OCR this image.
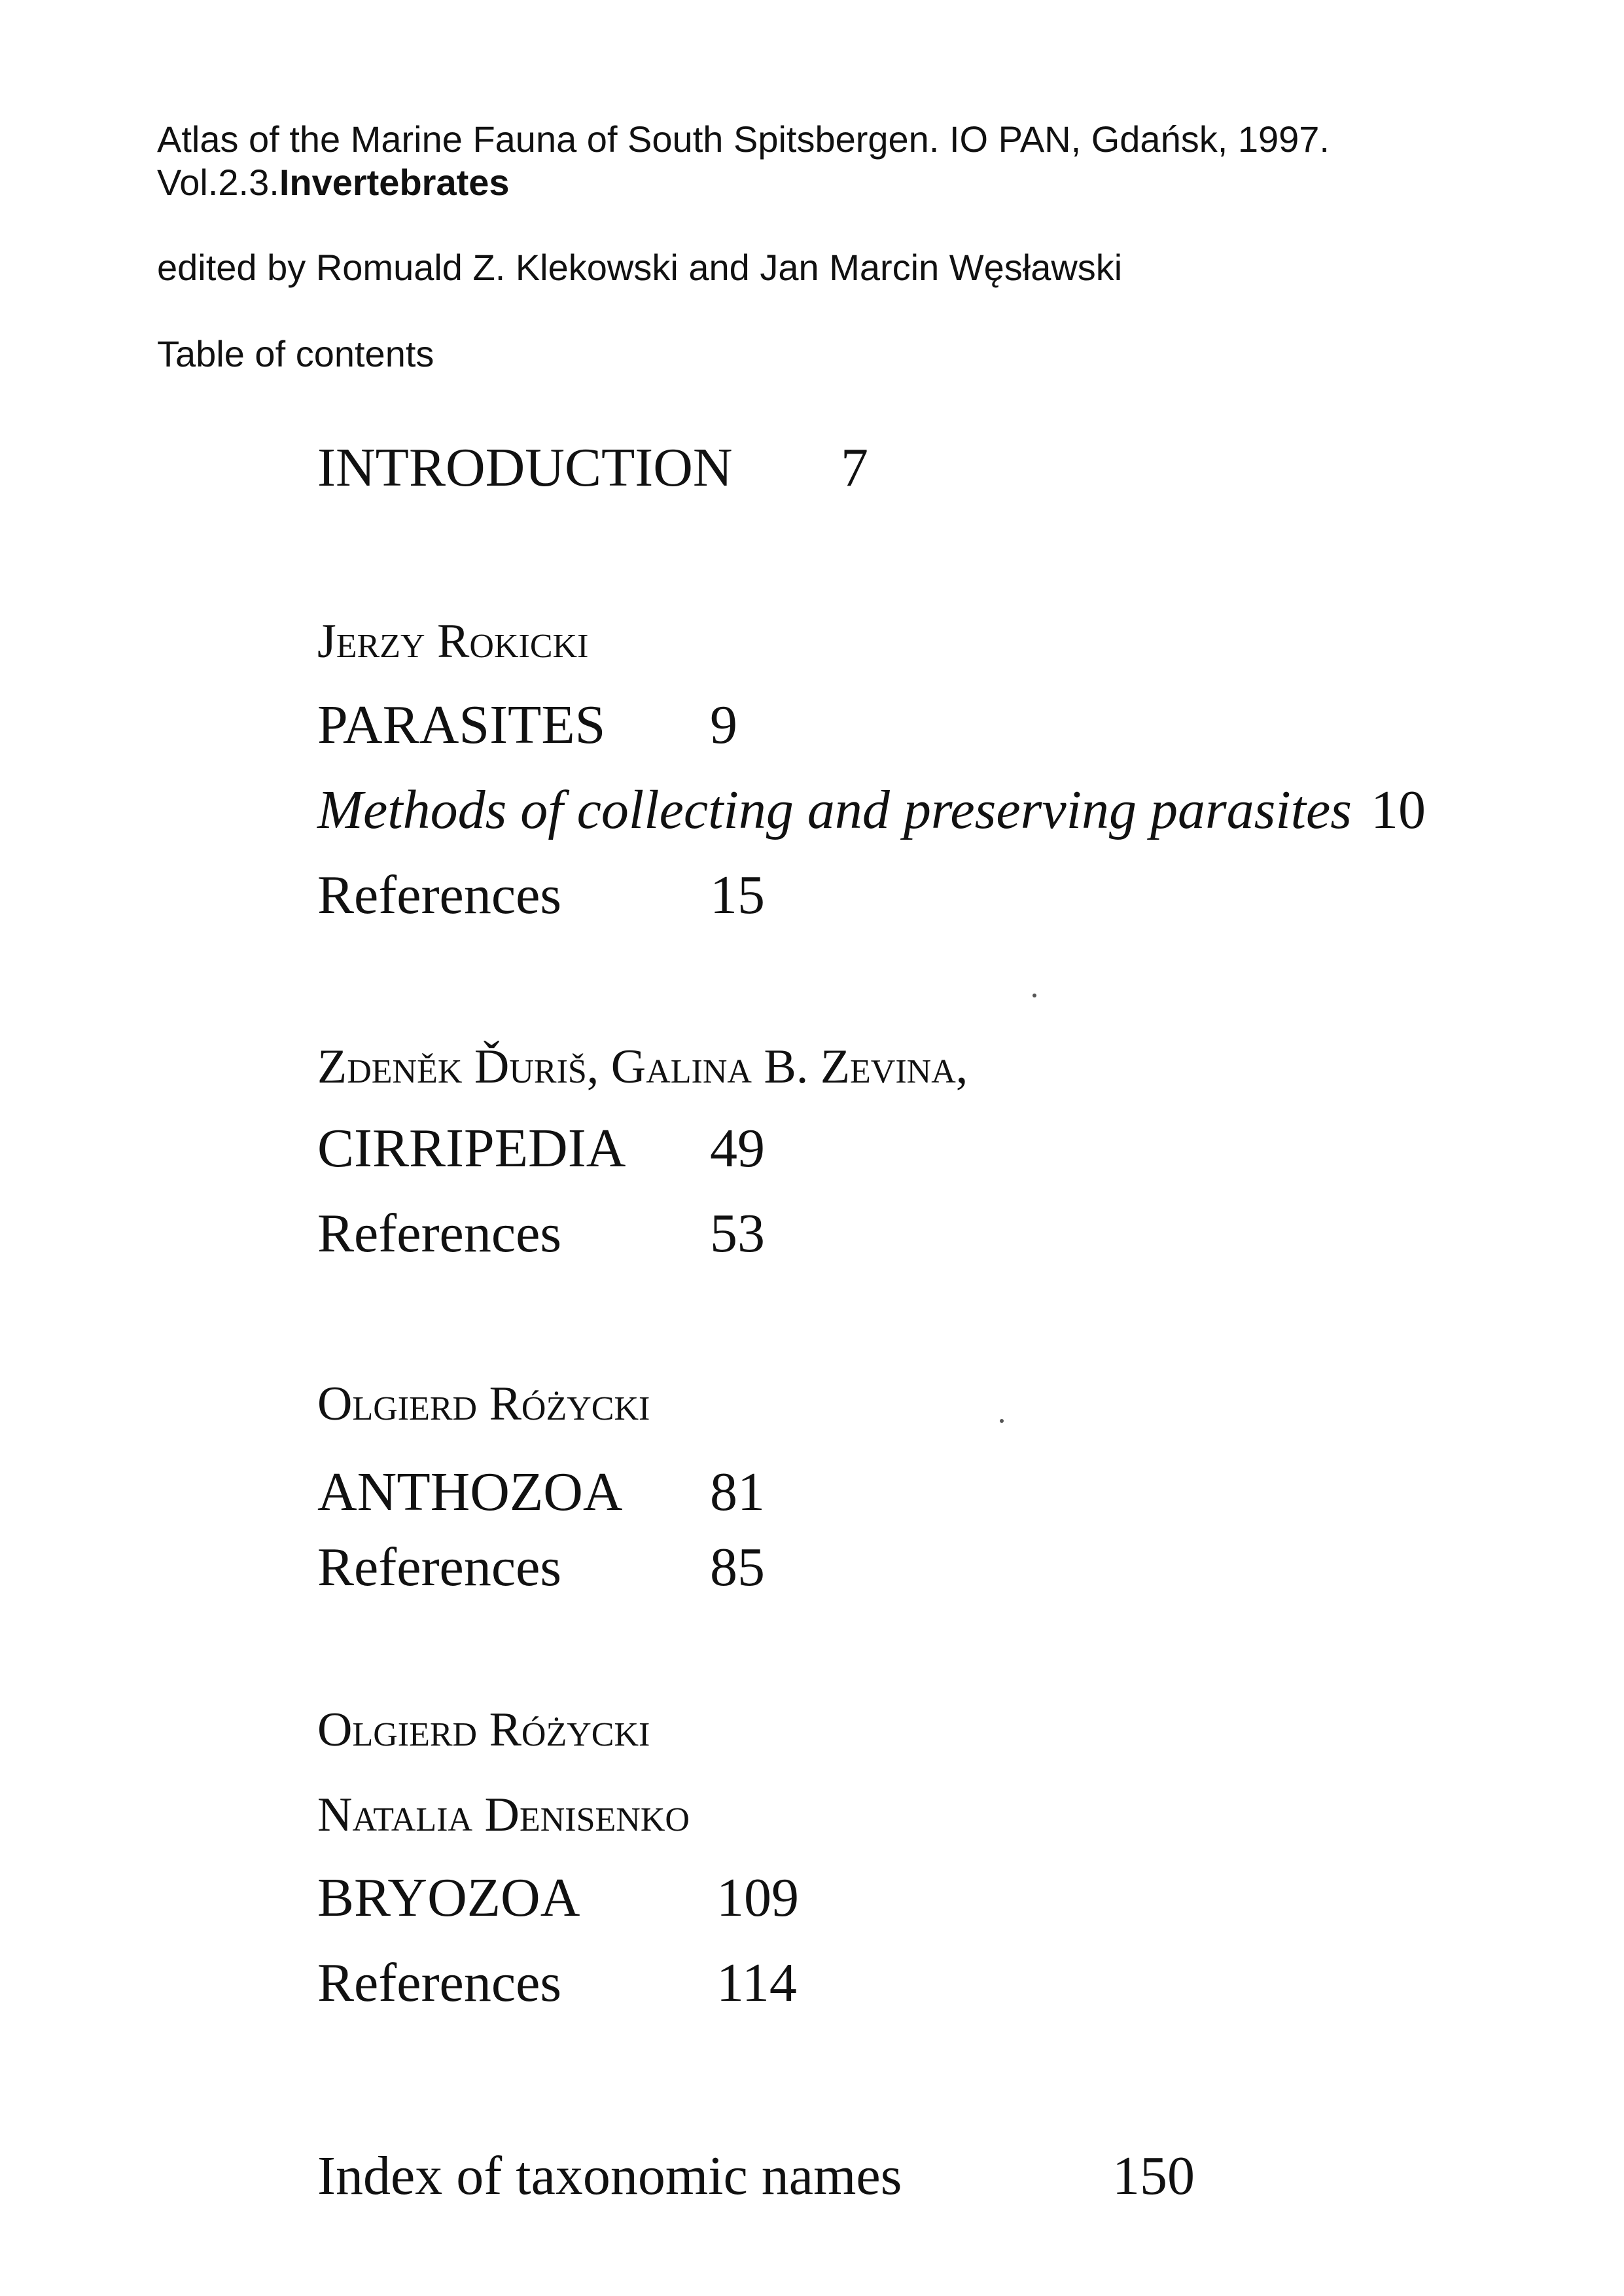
Atlas of the Marine Fauna of South Spitsbergen. IO PAN, Gdańsk, 1997.
Vol.2.3.Invertebrates
edited by Romuald Z. Klekowski and Jan Marcin Węsławski
Table of contents
INTRODUCTION 7
Jerzy Rokicki
PARASITES 9
Methods of collecting and preserving parasites 10
References	15
Zdeněk Ďuriš, Galina B. Zevina,
CIRRIPEDIA 49
References	53
Olgierd Różycki
ANTHOZOA 81
References	85
Olgierd Różycki
Natalia Denisenko
BRYOZOA 109
References	114
Index of taxonomic names	150
